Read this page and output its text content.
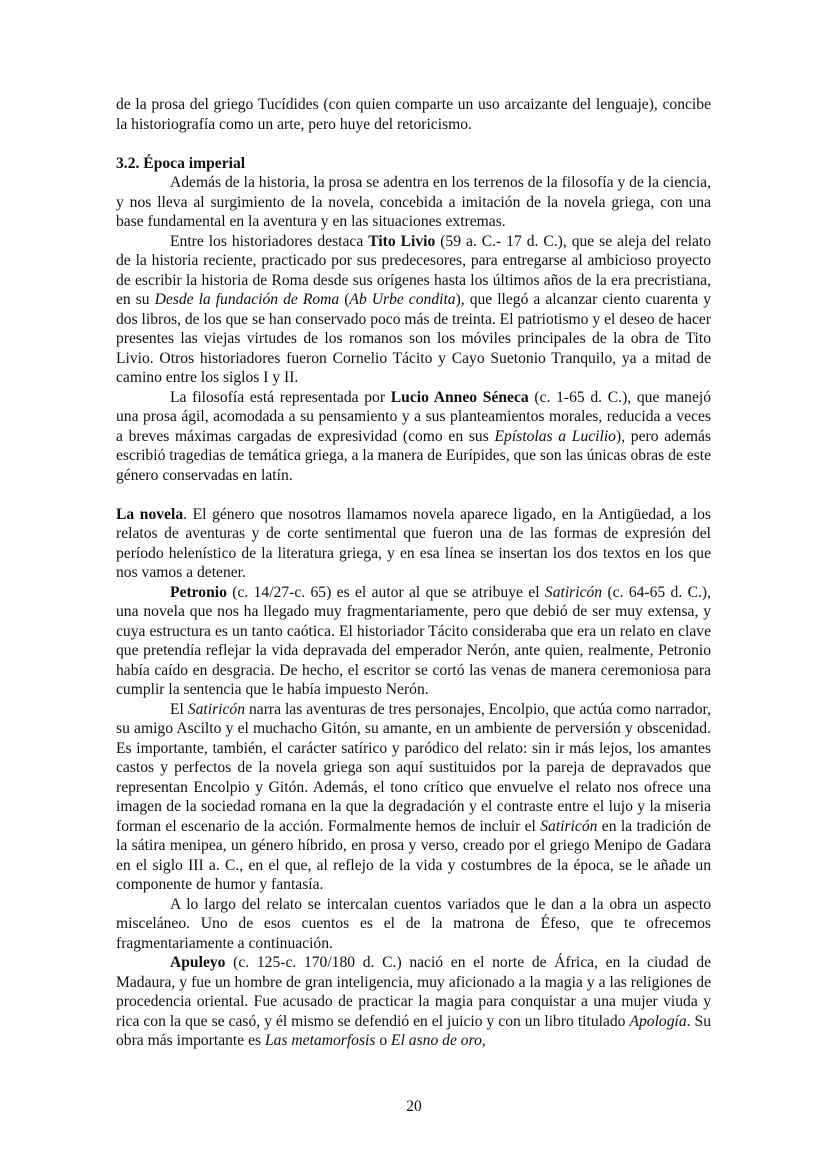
de la prosa del griego Tucídides (con quien comparte un uso arcaizante del lenguaje), concibe la historiografía como un arte, pero huye del retoricismo.

3.2. Época imperial

Además de la historia, la prosa se adentra en los terrenos de la filosofía y de la ciencia, y nos lleva al surgimiento de la novela, concebida a imitación de la novela griega, con una base fundamental en la aventura y en las situaciones extremas.

Entre los historiadores destaca Tito Livio (59 a. C.- 17 d. C.), que se aleja del relato de la historia reciente, practicado por sus predecesores, para entregarse al ambicioso proyecto de escribir la historia de Roma desde sus orígenes hasta los últimos años de la era precristiana, en su Desde la fundación de Roma (Ab Urbe condita), que llegó a alcanzar ciento cuarenta y dos libros, de los que se han conservado poco más de treinta. El patriotismo y el deseo de hacer presentes las viejas virtudes de los romanos son los móviles principales de la obra de Tito Livio. Otros historiadores fueron Cornelio Tácito y Cayo Suetonio Tranquilo, ya a mitad de camino entre los siglos I y II.

La filosofía está representada por Lucio Anneo Séneca (c. 1-65 d. C.), que manejó una prosa ágil, acomodada a su pensamiento y a sus planteamientos morales, reducida a veces a breves máximas cargadas de expresividad (como en sus Epístolas a Lucilio), pero además escribió tragedias de temática griega, a la manera de Eurípides, que son las únicas obras de este género conservadas en latín.

La novela. El género que nosotros llamamos novela aparece ligado, en la Antigüedad, a los relatos de aventuras y de corte sentimental que fueron una de las formas de expresión del período helenístico de la literatura griega, y en esa línea se insertan los dos textos en los que nos vamos a detener.

Petronio (c. 14/27-c. 65) es el autor al que se atribuye el Satiricón (c. 64-65 d. C.), una novela que nos ha llegado muy fragmentariamente, pero que debió de ser muy extensa, y cuya estructura es un tanto caótica. El historiador Tácito consideraba que era un relato en clave que pretendía reflejar la vida depravada del emperador Nerón, ante quien, realmente, Petronio había caído en desgracia. De hecho, el escritor se cortó las venas de manera ceremoniosa para cumplir la sentencia que le había impuesto Nerón.

El Satiricón narra las aventuras de tres personajes, Encolpio, que actúa como narrador, su amigo Ascilto y el muchacho Gitón, su amante, en un ambiente de perversión y obscenidad. Es importante, también, el carácter satírico y paródico del relato: sin ir más lejos, los amantes castos y perfectos de la novela griega son aquí sustituidos por la pareja de depravados que representan Encolpio y Gitón. Además, el tono crítico que envuelve el relato nos ofrece una imagen de la sociedad romana en la que la degradación y el contraste entre el lujo y la miseria forman el escenario de la acción. Formalmente hemos de incluir el Satiricón en la tradición de la sátira menipea, un género híbrido, en prosa y verso, creado por el griego Menipo de Gadara en el siglo III a. C., en el que, al reflejo de la vida y costumbres de la época, se le añade un componente de humor y fantasía.

A lo largo del relato se intercalan cuentos variados que le dan a la obra un aspecto misceláneo. Uno de esos cuentos es el de la matrona de Éfeso, que te ofrecemos fragmentariamente a continuación.

Apuleyo (c. 125-c. 170/180 d. C.) nació en el norte de África, en la ciudad de Madaura, y fue un hombre de gran inteligencia, muy aficionado a la magia y a las religiones de procedencia oriental. Fue acusado de practicar la magia para conquistar a una mujer viuda y rica con la que se casó, y él mismo se defendió en el juicio y con un libro titulado Apología. Su obra más importante es Las metamorfosis o El asno de oro,

20
